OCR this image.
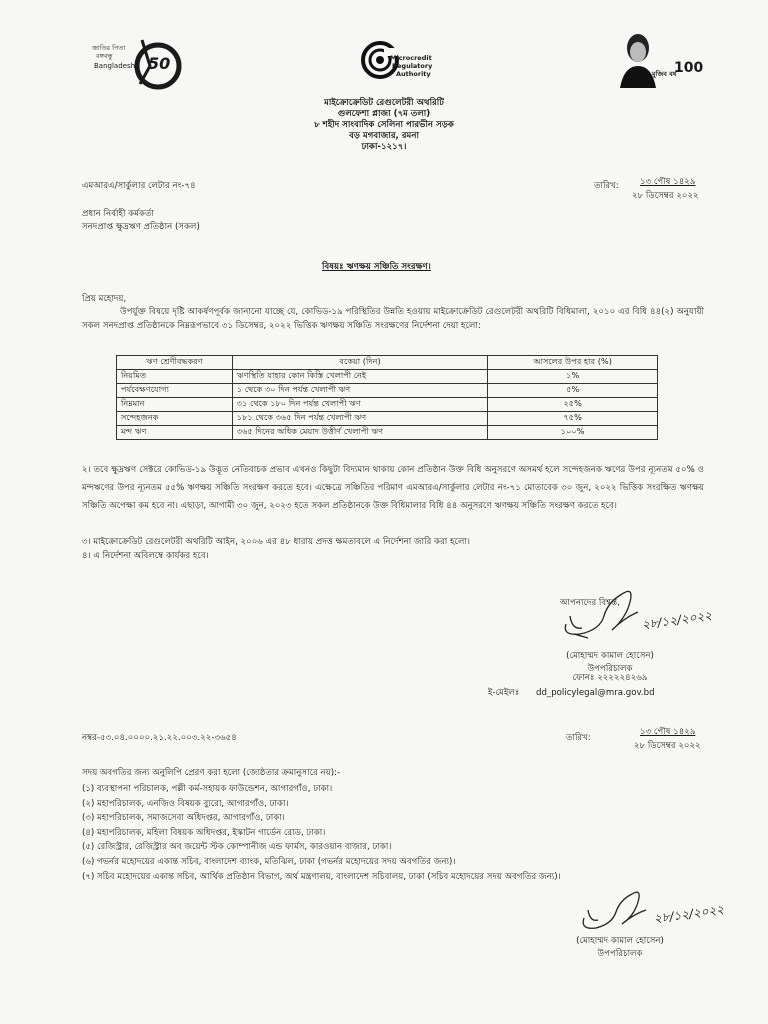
জাতির পিতা
বঙ্গবন্ধু
Bangladesh 50	Microcredit
Regulatory
Authority	মুজিব বর্ষ
100
মাইক্রোক্রেডিট রেগুলেটরী অথরিটি
গুলফেশা প্লাজা (৭ম তলা)
৮ শহীদ সাংবাদিক সেলিনা পারভীন সড়ক
বড় মগবাজার, রমনা
ঢাকা-১২১৭।
এমআরএ/সার্কুলার লেটার নং-৭৪	তারিখ: ১৩ পৌষ ১৪২৯
২৮ ডিসেম্বর ২০২২
প্রধান নির্বাহী কর্মকর্তা
সনদপ্রাপ্ত ক্ষুদ্রঋণ প্রতিষ্ঠান (সকল)
বিষয়ঃ ঋণক্ষয় সঞ্চিতি সংরক্ষণ।
প্রিয় মহোদয়,
উপর্যুক্ত বিষয়ে দৃষ্টি আকর্ষণপূর্বক জানানো যাচ্ছে যে, কোভিড-১৯ পরিস্থিতির উন্নতি হওয়ায় মাইক্রোক্রেডিট রেগুলেটরী অথরিটি বিধিমালা, ২০১০ এর বিধি ৪৪(২) অনুযায়ী সকল সনদপ্রাপ্ত প্রতিষ্ঠানকে নিম্নরূপভাবে ৩১ ডিসেম্বর, ২০২২ ভিত্তিক ঋণক্ষয় সঞ্চিতি সংরক্ষণের নির্দেশনা দেয়া হলো:
ঋণ শ্রেণীবদ্ধকরণ	বকেয়া (দিন)	আসলের উপর হার (%)
নিয়মিত	ঋণস্থিতি যাহার কোন কিস্তি খেলাপী নেই	১%
পর্যবেক্ষণযোগ্য	১ থেকে ৩০ দিন পর্যন্ত খেলাপী ঋণ	৫%
নিম্নমান	৩১ থেকে ১৮০ দিন পর্যন্ত খেলাপী ঋণ	২৫%
সন্দেহজনক	১৮১ থেকে ৩৬৫ দিন পর্যন্ত খেলাপী ঋণ	৭৫%
মন্দ ঋণ	৩৬৫ দিনের অধিক মেয়াদ উত্তীর্ণ খেলাপী ঋণ	১০০%
২। তবে ক্ষুদ্রঋণ সেক্টরে কোভিড-১৯ উদ্ভূত নেতিবাচক প্রভাব এখনও কিছুটা বিদ্যমান থাকায় কোন প্রতিষ্ঠান উক্ত বিধি অনুসরণে অসমর্থ হলে সন্দেহজনক ঋণের উপর ন্যূনতম ৫০% ও মন্দঋণের উপর ন্যূনতম ৫৫% ঋণক্ষয় সঞ্চিতি সংরক্ষণ করতে হবে। এক্ষেত্রে সঞ্চিতির পরিমাণ এমআরএ/সার্কুলার লেটার নং-৭১ মোতাবেক ৩০ জুন, ২০২২ ভিত্তিক সংরক্ষিত ঋণক্ষয় সঞ্চিতি অপেক্ষা কম হবে না। এছাড়া, আগামী ৩০ জুন, ২০২৩ হতে সকল প্রতিষ্ঠানকে উক্ত বিধিমালার বিধি ৪৪ অনুসরণে ঋণক্ষয় সঞ্চিতি সংরক্ষণ করতে হবে।
৩। মাইক্রোক্রেডিট রেগুলেটরী অথরিটি আইন, ২০০৬ এর ৪৮ ধারায় প্রদত্ত ক্ষমতাবলে এ নির্দেশনা জারি করা হলো।
৪। এ নির্দেশনা অবিলম্বে কার্যকর হবে।
আপনাদের বিশ্বস্ত,
২৮/১২/২০২২
(মোহাম্মদ কামাল হোসেন)
উপপরিচালক
ফোনঃ ২২২২২৪২৬৯
ই-মেইলঃ dd_policylegal@mra.gov.bd
নম্বর-৫৩.০৪.০০০০.২১.২২.০০৩.২২-৩৬৫৪	তারিখ:
১৩ পৌষ ১৪২৯
২৮ ডিসেম্বর ২০২২
সদয় অবগতির জন্য অনুলিপি প্রেরণ করা হলো (জ্যেষ্ঠতার ক্রমানুসারে নয়):-
(১) ব্যবস্থাপনা পরিচালক, পল্লী কর্ম-সহায়ক ফাউন্ডেশন, আগারগাঁও, ঢাকা।
(২) মহাপরিচালক, এনজিও বিষয়ক ব্যুরো, আগারগাঁও, ঢাকা।
(৩) মহাপরিচালক, সমাজসেবা অধিদপ্তর, আগারগাঁও, ঢাকা।
(৪) মহাপরিচালক, মহিলা বিষয়ক অধিদপ্তর, ইস্কাটন গার্ডেন রোড, ঢাকা।
(৫) রেজিস্ট্রার, রেজিস্ট্রার অব জয়েন্ট স্টক কোম্পানীজ এন্ড ফার্মস, কারওয়ান বাজার, ঢাকা।
(৬) গভর্নর মহোদয়ের একান্ত সচিব, বাংলাদেশ ব্যাংক, মতিঝিল, ঢাকা (গভর্নর মহোদয়ের সদয় অবগতির জন্য)।
(৭) সচিব মহোদয়ের একান্ত সচিব, আর্থিক প্রতিষ্ঠান বিভাগ, অর্থ মন্ত্রণালয়, বাংলাদেশ সচিবালয়, ঢাকা (সচিব মহোদয়ের সদয় অবগতির জন্য)।
২৮/১২/২০২২
(মোহাম্মদ কামাল হোসেন)
উপপরিচালক
